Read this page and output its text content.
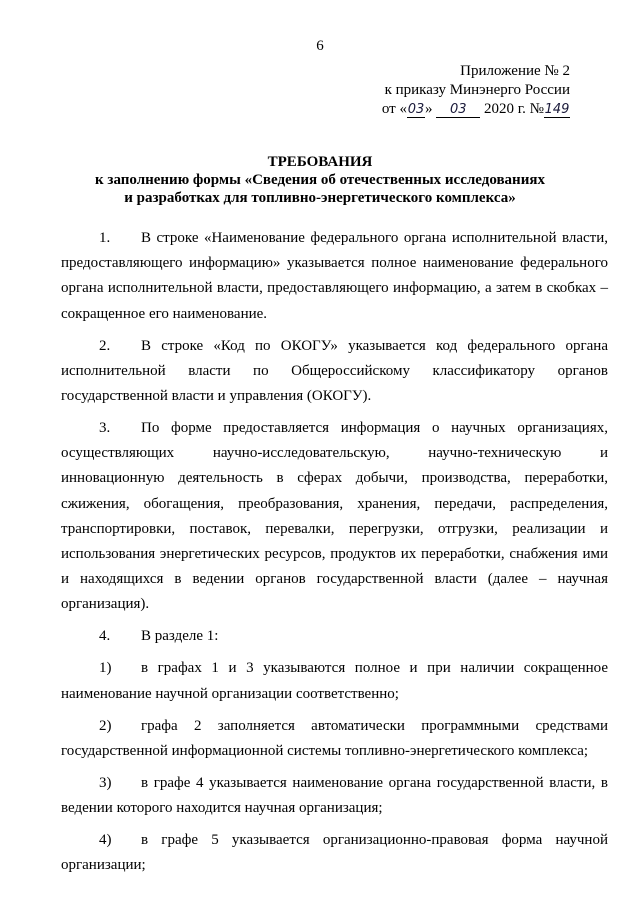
6
Приложение № 2
к приказу Минэнерго России
от «03» 03 2020 г. №149
ТРЕБОВАНИЯ
к заполнению формы «Сведения об отечественных исследованиях
и разработках для топливно-энергетического комплекса»

1. В строке «Наименование федерального органа исполнительной власти, предоставляющего информацию» указывается полное наименование федерального органа исполнительной власти, предоставляющего информацию, а затем в скобках – сокращенное его наименование.

2. В строке «Код по ОКОГУ» указывается код федерального органа исполнительной власти по Общероссийскому классификатору органов государственной власти и управления (ОКОГУ).

3. По форме предоставляется информация о научных организациях, осуществляющих научно-исследовательскую, научно-техническую и инновационную деятельность в сферах добычи, производства, переработки, сжижения, обогащения, преобразования, хранения, передачи, распределения, транспортировки, поставок, перевалки, перегрузки, отгрузки, реализации и использования энергетических ресурсов, продуктов их переработки, снабжения ими и находящихся в ведении органов государственной власти (далее – научная организация).

4. В разделе 1:

1) в графах 1 и 3 указываются полное и при наличии сокращенное наименование научной организации соответственно;

2) графа 2 заполняется автоматически программными средствами государственной информационной системы топливно-энергетического комплекса;

3) в графе 4 указывается наименование органа государственной власти, в ведении которого находится научная организация;

4) в графе 5 указывается организационно-правовая форма научной организации;
